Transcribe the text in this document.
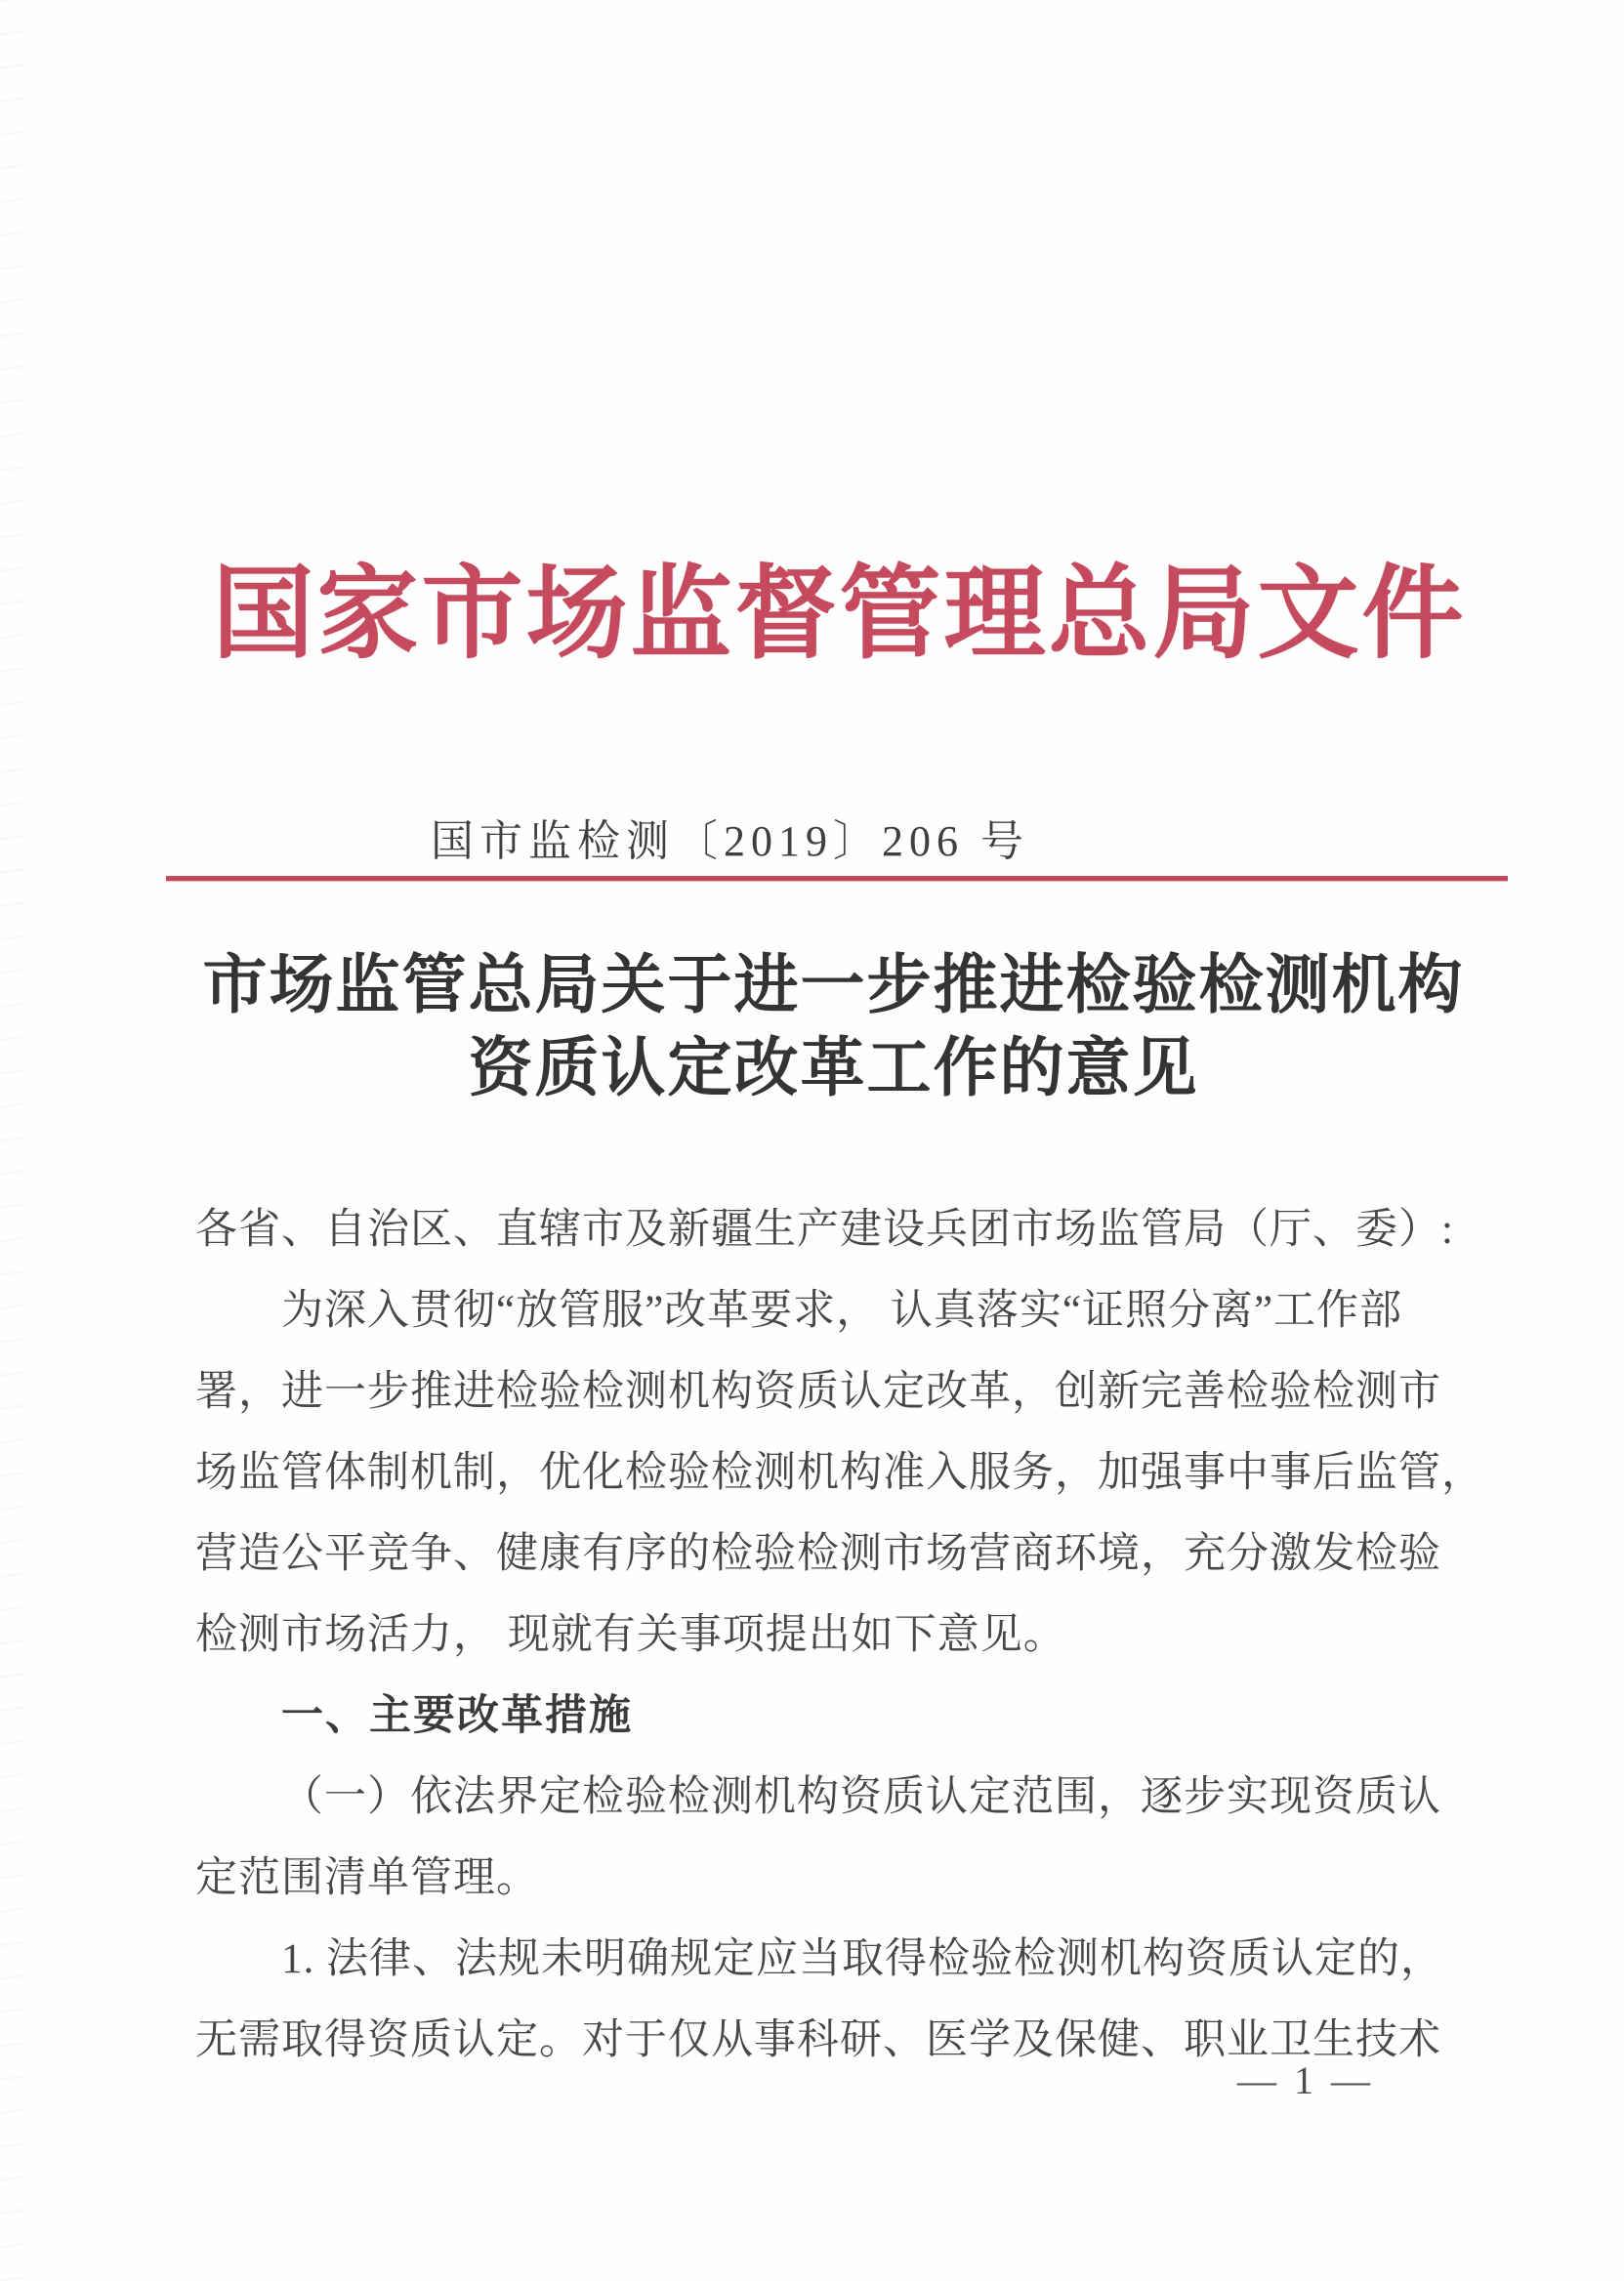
国家市场监督管理总局文件
国市监检测〔2019〕206 号
市场监管总局关于进一步推进检验检测机构
资质认定改革工作的意见

各省、自治区、直辖市及新疆生产建设兵团市场监管局（厅、委）:

为深入贯彻“放管服”改革要求， 认真落实“证照分离”工作部

署，进一步推进检验检测机构资质认定改革，创新完善检验检测市

场监管体制机制，优化检验检测机构准入服务，加强事中事后监管，

营造公平竞争、健康有序的检验检测市场营商环境，充分激发检验

检测市场活力， 现就有关事项提出如下意见。

一、主要改革措施

（一）依法界定检验检测机构资质认定范围，逐步实现资质认

定范围清单管理。

1. 法律、法规未明确规定应当取得检验检测机构资质认定的，

无需取得资质认定。对于仅从事科研、医学及保健、职业卫生技术

— 1 —
